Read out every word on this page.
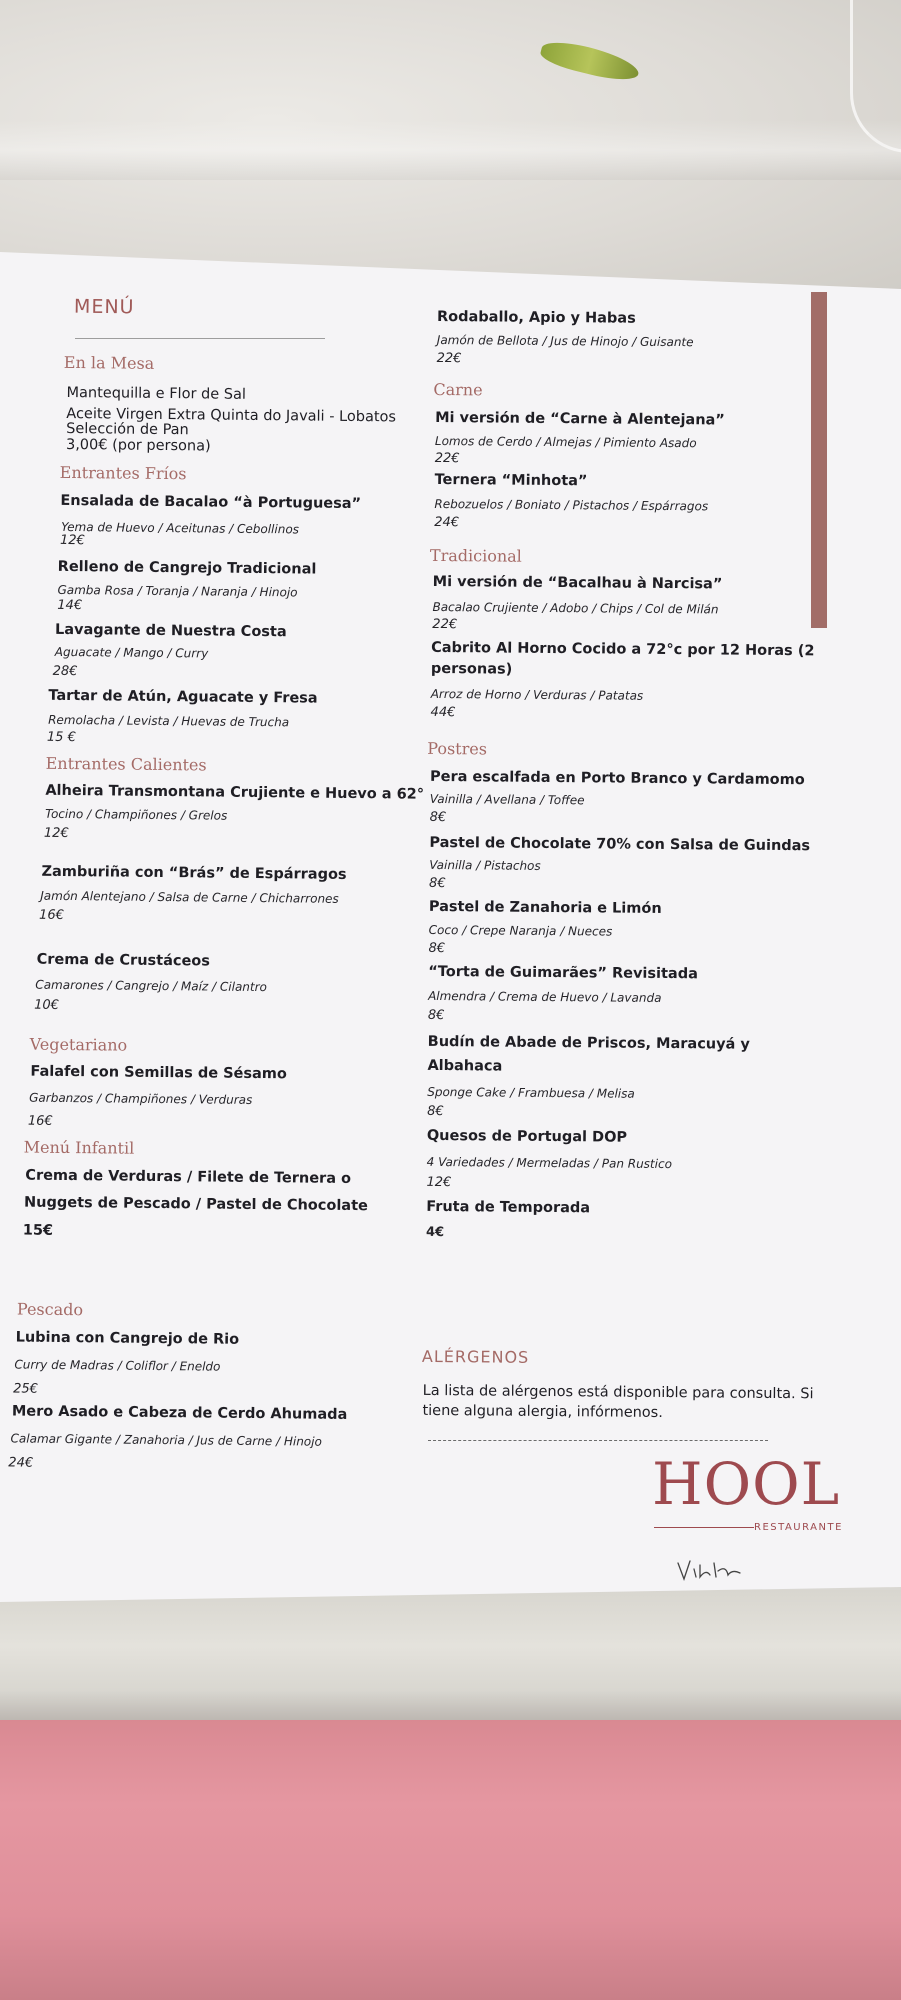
MENÚ
En la Mesa
Mantequilla e Flor de Sal
Aceite Virgen Extra Quinta do Javali - Lobatos
Selección de Pan
3,00€ (por persona)
Entrantes Fríos
Ensalada de Bacalao “à Portuguesa”
Yema de Huevo / Aceitunas / Cebollinos
12€
Relleno de Cangrejo Tradicional
Gamba Rosa / Toranja / Naranja / Hinojo
14€
Lavagante de Nuestra Costa
Aguacate / Mango / Curry
28€
Tartar de Atún, Aguacate y Fresa
Remolacha / Levista / Huevas de Trucha
15 €
Entrantes Calientes
Alheira Transmontana Crujiente e Huevo a 62°
Tocino / Champiñones / Grelos
12€
Zamburiña con “Brás” de Espárragos
Jamón Alentejano / Salsa de Carne / Chicharrones
16€
Crema de Crustáceos
Camarones / Cangrejo / Maíz / Cilantro
10€
Vegetariano
Falafel con Semillas de Sésamo
Garbanzos / Champiñones / Verduras
16€
Menú Infantil
Crema de Verduras / Filete de Ternera o
Nuggets de Pescado / Pastel de Chocolate
15€
Pescado
Lubina con Cangrejo de Rio
Curry de Madras / Coliflor / Eneldo
25€
Mero Asado e Cabeza de Cerdo Ahumada
Calamar Gigante / Zanahoria / Jus de Carne / Hinojo
24€
Rodaballo, Apio y Habas
Jamón de Bellota / Jus de Hinojo / Guisante
22€
Carne
Mi versión de “Carne à Alentejana”
Lomos de Cerdo / Almejas / Pimiento Asado
22€
Ternera “Minhota”
Rebozuelos / Boniato / Pistachos / Espárragos
24€
Tradicional
Mi versión de “Bacalhau à Narcisa”
Bacalao Crujiente / Adobo / Chips / Col de Milán
22€
Cabrito Al Horno Cocido a 72°c por 12 Horas (2
personas)
Arroz de Horno / Verduras / Patatas
44€
Postres
Pera escalfada en Porto Branco y Cardamomo
Vainilla / Avellana / Toffee
8€
Pastel de Chocolate 70% con Salsa de Guindas
Vainilla / Pistachos
8€
Pastel de Zanahoria e Limón
Coco / Crepe Naranja / Nueces
8€
“Torta de Guimarães” Revisitada
Almendra / Crema de Huevo / Lavanda
8€
Budín de Abade de Priscos, Maracuyá y
Albahaca
Sponge Cake / Frambuesa / Melisa
8€
Quesos de Portugal DOP
4 Variedades / Mermeladas / Pan Rustico
12€
Fruta de Temporada
4€
ALÉRGENOS
La lista de alérgenos está disponible para consulta. Si
tiene alguna alergia, infórmenos.
HOOL
RESTAURANTE
